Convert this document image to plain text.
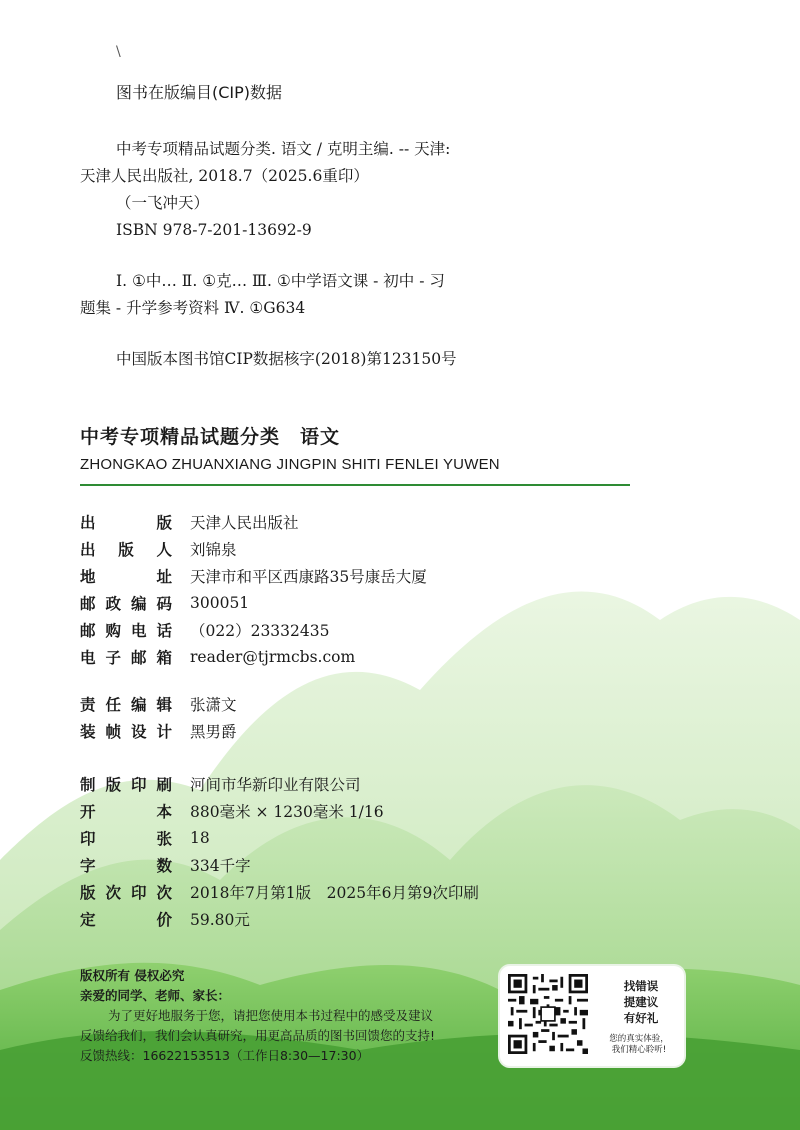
\
图书在版编目(CIP)数据

中考专项精品试题分类. 语文 / 克明主编. -- 天津:

天津人民出版社, 2018.7（2025.6重印）

（一飞冲天）

ISBN 978-7-201-13692-9

Ⅰ. ①中… Ⅱ. ①克… Ⅲ. ①中学语文课 - 初中 - 习

题集 - 升学参考资料 Ⅳ. ①G634

中国版本图书馆CIP数据核字(2018)第123150号

中考专项精品试题分类 语文
ZHONGKAO ZHUANXIANG JINGPIN SHITI FENLEI YUWEN
出　版 天津人民出版社
出版人 刘锦泉
地　址 天津市和平区西康路35号康岳大厦
邮政编码 300051
邮购电话 （022）23332435
电子邮箱 reader@tjrmcbs.com
责任编辑 张潇文
装帧设计 黑男爵
制版印刷 河间市华新印业有限公司
开　本 880毫米 × 1230毫米 1/16
印　张 18
字　数 334千字
版次印次 2018年7月第1版　2025年6月第9次印刷
定　价 59.80元

版权所有 侵权必究

亲爱的同学、老师、家长：

为了更好地服务于您，请把您使用本书过程中的感受及建议

反馈给我们，我们会认真研究，用更高品质的图书回馈您的支持!

反馈热线：16622153513（工作日8:30—17:30）

找错误
提建议
有好礼
您的真实体验，
我们精心聆听!
